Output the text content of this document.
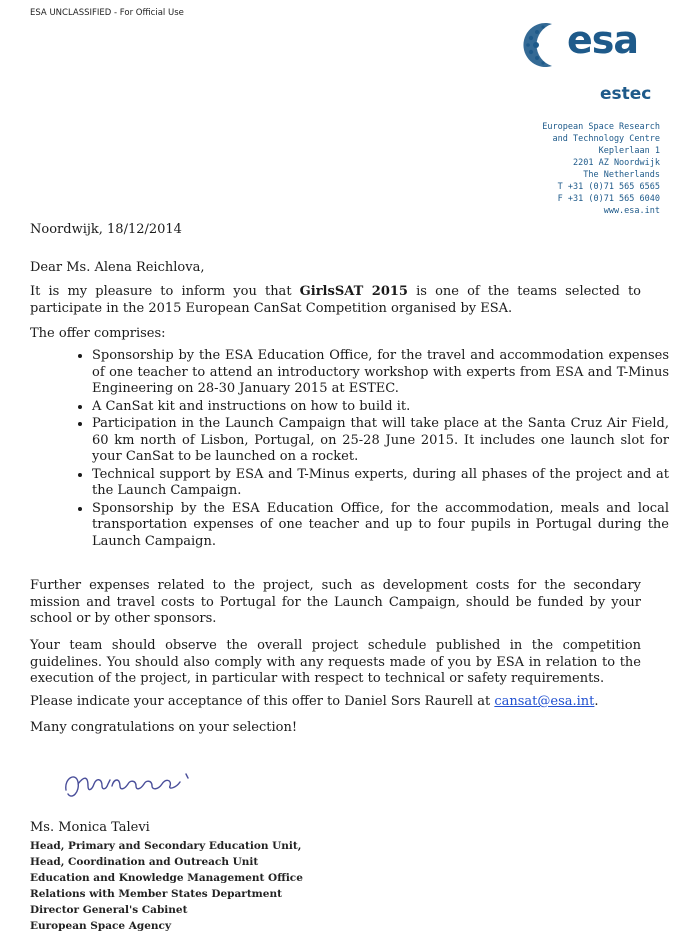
ESA UNCLASSIFIED - For Official Use
esa
estec
European Space Research
and Technology Centre
Keplerlaan 1
2201 AZ Noordwijk
The Netherlands
T +31 (0)71 565 6565
F +31 (0)71 565 6040
www.esa.int
Noordwijk, 18/12/2014
Dear Ms. Alena Reichlova,
It is my pleasure to inform you that GirlsSAT 2015 is one of the teams selected to participate in the 2015 European CanSat Competition organised by ESA.
The offer comprises:
• Sponsorship by the ESA Education Office, for the travel and accommodation expenses of one teacher to attend an introductory workshop with experts from ESA and T-Minus Engineering on 28-30 January 2015 at ESTEC.
• A CanSat kit and instructions on how to build it.
• Participation in the Launch Campaign that will take place at the Santa Cruz Air Field, 60 km north of Lisbon, Portugal, on 25-28 June 2015. It includes one launch slot for your CanSat to be launched on a rocket.
• Technical support by ESA and T-Minus experts, during all phases of the project and at the Launch Campaign.
• Sponsorship by the ESA Education Office, for the accommodation, meals and local transportation expenses of one teacher and up to four pupils in Portugal during the Launch Campaign.
Further expenses related to the project, such as development costs for the secondary mission and travel costs to Portugal for the Launch Campaign, should be funded by your school or by other sponsors.
Your team should observe the overall project schedule published in the competition guidelines. You should also comply with any requests made of you by ESA in relation to the execution of the project, in particular with respect to technical or safety requirements.
Please indicate your acceptance of this offer to Daniel Sors Raurell at cansat@esa.int.
Many congratulations on your selection!
Ms. Monica Talevi
Head, Primary and Secondary Education Unit,
Head, Coordination and Outreach Unit
Education and Knowledge Management Office
Relations with Member States Department
Director General's Cabinet
European Space Agency
